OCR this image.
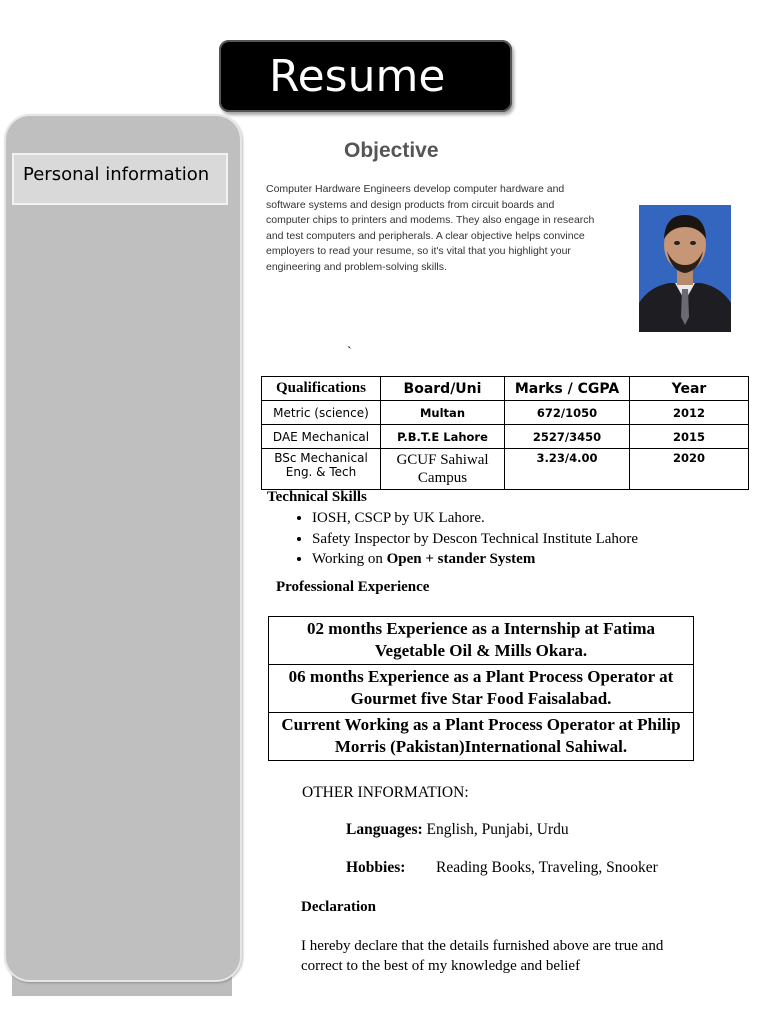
Resume
Personal information
Objective

Computer Hardware Engineers develop computer hardware and software systems and design products from circuit boards and computer chips to printers and modems. They also engage in research and test computers and peripherals. A clear objective helps convince employers to read your resume, so it's vital that you highlight your engineering and problem-solving skills.

`
Qualifications	Board/Uni	Marks / CGPA	Year
Metric (science)	Multan	672/1050	2012
DAE Mechanical	P.B.T.E Lahore	2527/3450	2015
BSc Mechanical Eng. & Tech	GCUF Sahiwal Campus	3.23/4.00	2020
Technical Skills
• IOSH, CSCP by UK Lahore.
• Safety Inspector by Descon Technical Institute Lahore
• Working on Open + stander System
Professional Experience
02 months Experience as a Internship at Fatima Vegetable Oil & Mills Okara.
06 months Experience as a Plant Process Operator at Gourmet five Star Food Faisalabad.
Current Working as a Plant Process Operator at Philip Morris (Pakistan)International Sahiwal.
OTHER INFORMATION:
Languages: English, Punjabi, Urdu
Hobbies: Reading Books, Traveling, Snooker
Declaration

I hereby declare that the details furnished above are true and correct to the best of my knowledge and belief
